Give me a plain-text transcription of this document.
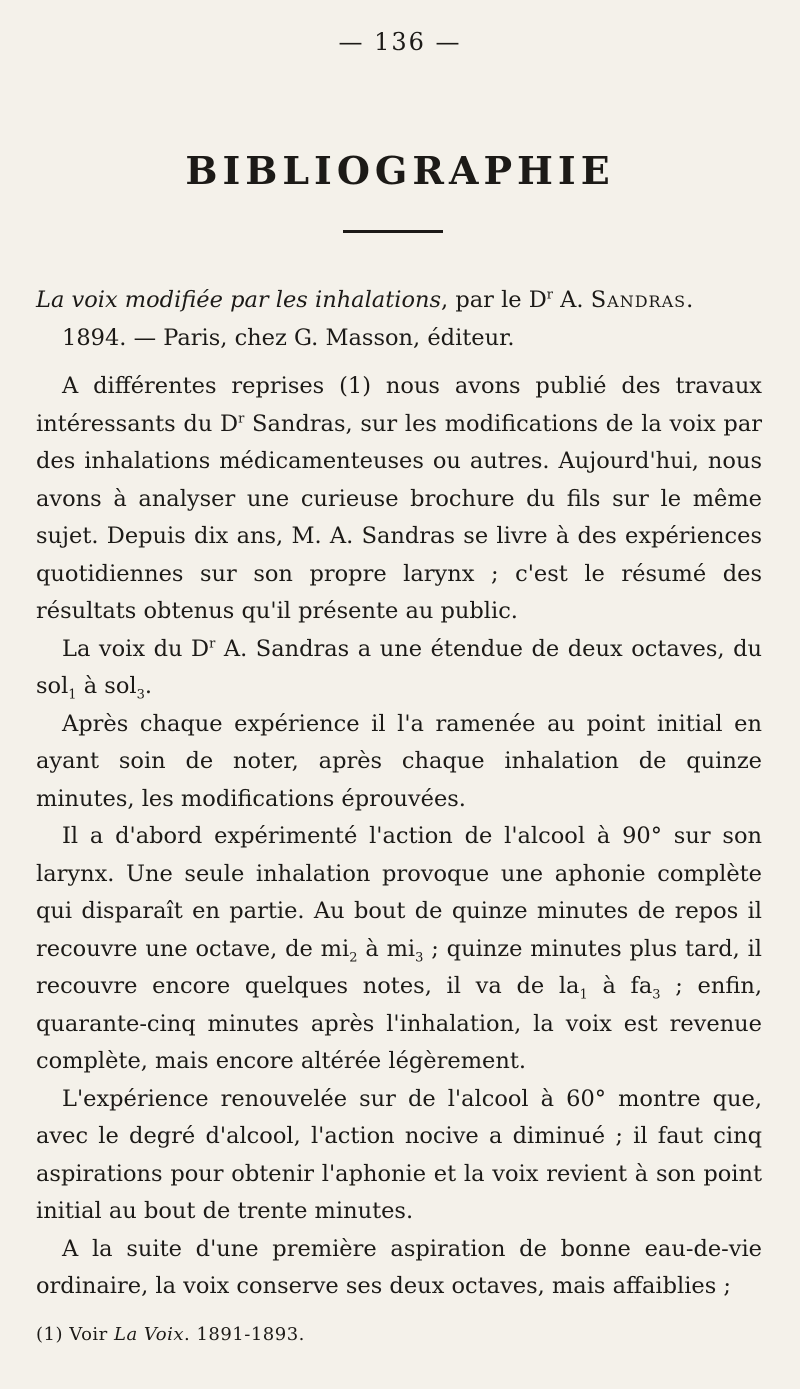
— 136 —
BIBLIOGRAPHIE
La voix modifiée par les inhalations, par le $D^r$ A. Sandras.
1894. — Paris, chez G. Masson, éditeur.

A différentes reprises (1) nous avons publié des travaux intéressants du $D^r$ Sandras, sur les modifications de la voix par des inhalations médicamenteuses ou autres. Aujourd'hui, nous avons à analyser une curieuse brochure du fils sur le même sujet. Depuis dix ans, M. A. Sandras se livre à des expériences quotidiennes sur son propre larynx ; c'est le résumé des résultats obtenus qu'il présente au public.

La voix du $D^r$ A. Sandras a une étendue de deux octaves, du sol$_1$ à sol$_3$.

Après chaque expérience il l'a ramenée au point initial en ayant soin de noter, après chaque inhalation de quinze minutes, les modifications éprouvées.

Il a d'abord expérimenté l'action de l'alcool à 90° sur son larynx. Une seule inhalation provoque une aphonie complète qui disparaît en partie. Au bout de quinze minutes de repos il recouvre une octave, de $mi_2$ à $mi_3$ ; quinze minutes plus tard, il recouvre encore quelques notes, il va de $la_1$ à $fa_3$ ; enfin, quarante-cinq minutes après l'inhalation, la voix est revenue complète, mais encore altérée légèrement.

L'expérience renouvelée sur de l'alcool à 60° montre que, avec le degré d'alcool, l'action nocive a diminué ; il faut cinq aspirations pour obtenir l'aphonie et la voix revient à son point initial au bout de trente minutes.

A la suite d'une première aspiration de bonne eau-de-vie ordinaire, la voix conserve ses deux octaves, mais affaiblies ;

(1) Voir La Voix. 1891-1893.
